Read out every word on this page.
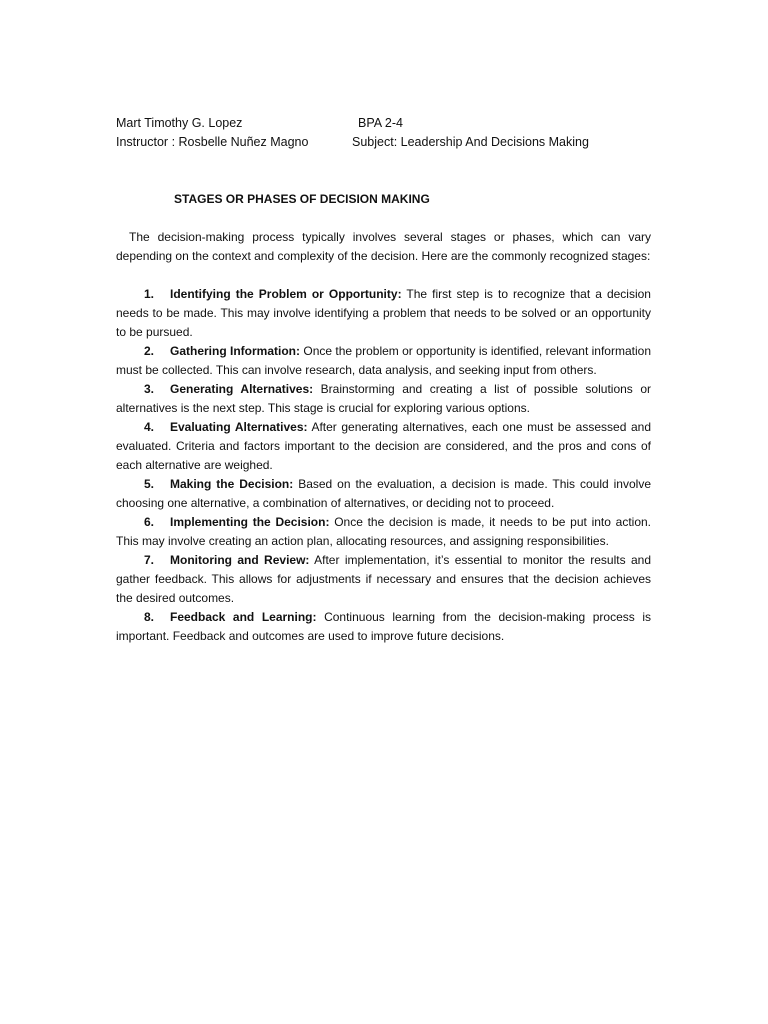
Mart Timothy G. Lopez	BPA 2-4
Instructor : Rosbelle Nuñez Magno	Subject: Leadership And Decisions Making
STAGES OR PHASES OF DECISION MAKING

The decision-making process typically involves several stages or phases, which can vary depending on the context and complexity of the decision. Here are the commonly recognized stages:

1. Identifying the Problem or Opportunity: The first step is to recognize that a decision needs to be made. This may involve identifying a problem that needs to be solved or an opportunity to be pursued.
2. Gathering Information: Once the problem or opportunity is identified, relevant information must be collected. This can involve research, data analysis, and seeking input from others.
3. Generating Alternatives: Brainstorming and creating a list of possible solutions or alternatives is the next step. This stage is crucial for exploring various options.
4. Evaluating Alternatives: After generating alternatives, each one must be assessed and evaluated. Criteria and factors important to the decision are considered, and the pros and cons of each alternative are weighed.
5. Making the Decision: Based on the evaluation, a decision is made. This could involve choosing one alternative, a combination of alternatives, or deciding not to proceed.
6. Implementing the Decision: Once the decision is made, it needs to be put into action. This may involve creating an action plan, allocating resources, and assigning responsibilities.
7. Monitoring and Review: After implementation, it’s essential to monitor the results and gather feedback. This allows for adjustments if necessary and ensures that the decision achieves the desired outcomes.
8. Feedback and Learning: Continuous learning from the decision-making process is important. Feedback and outcomes are used to improve future decisions.
